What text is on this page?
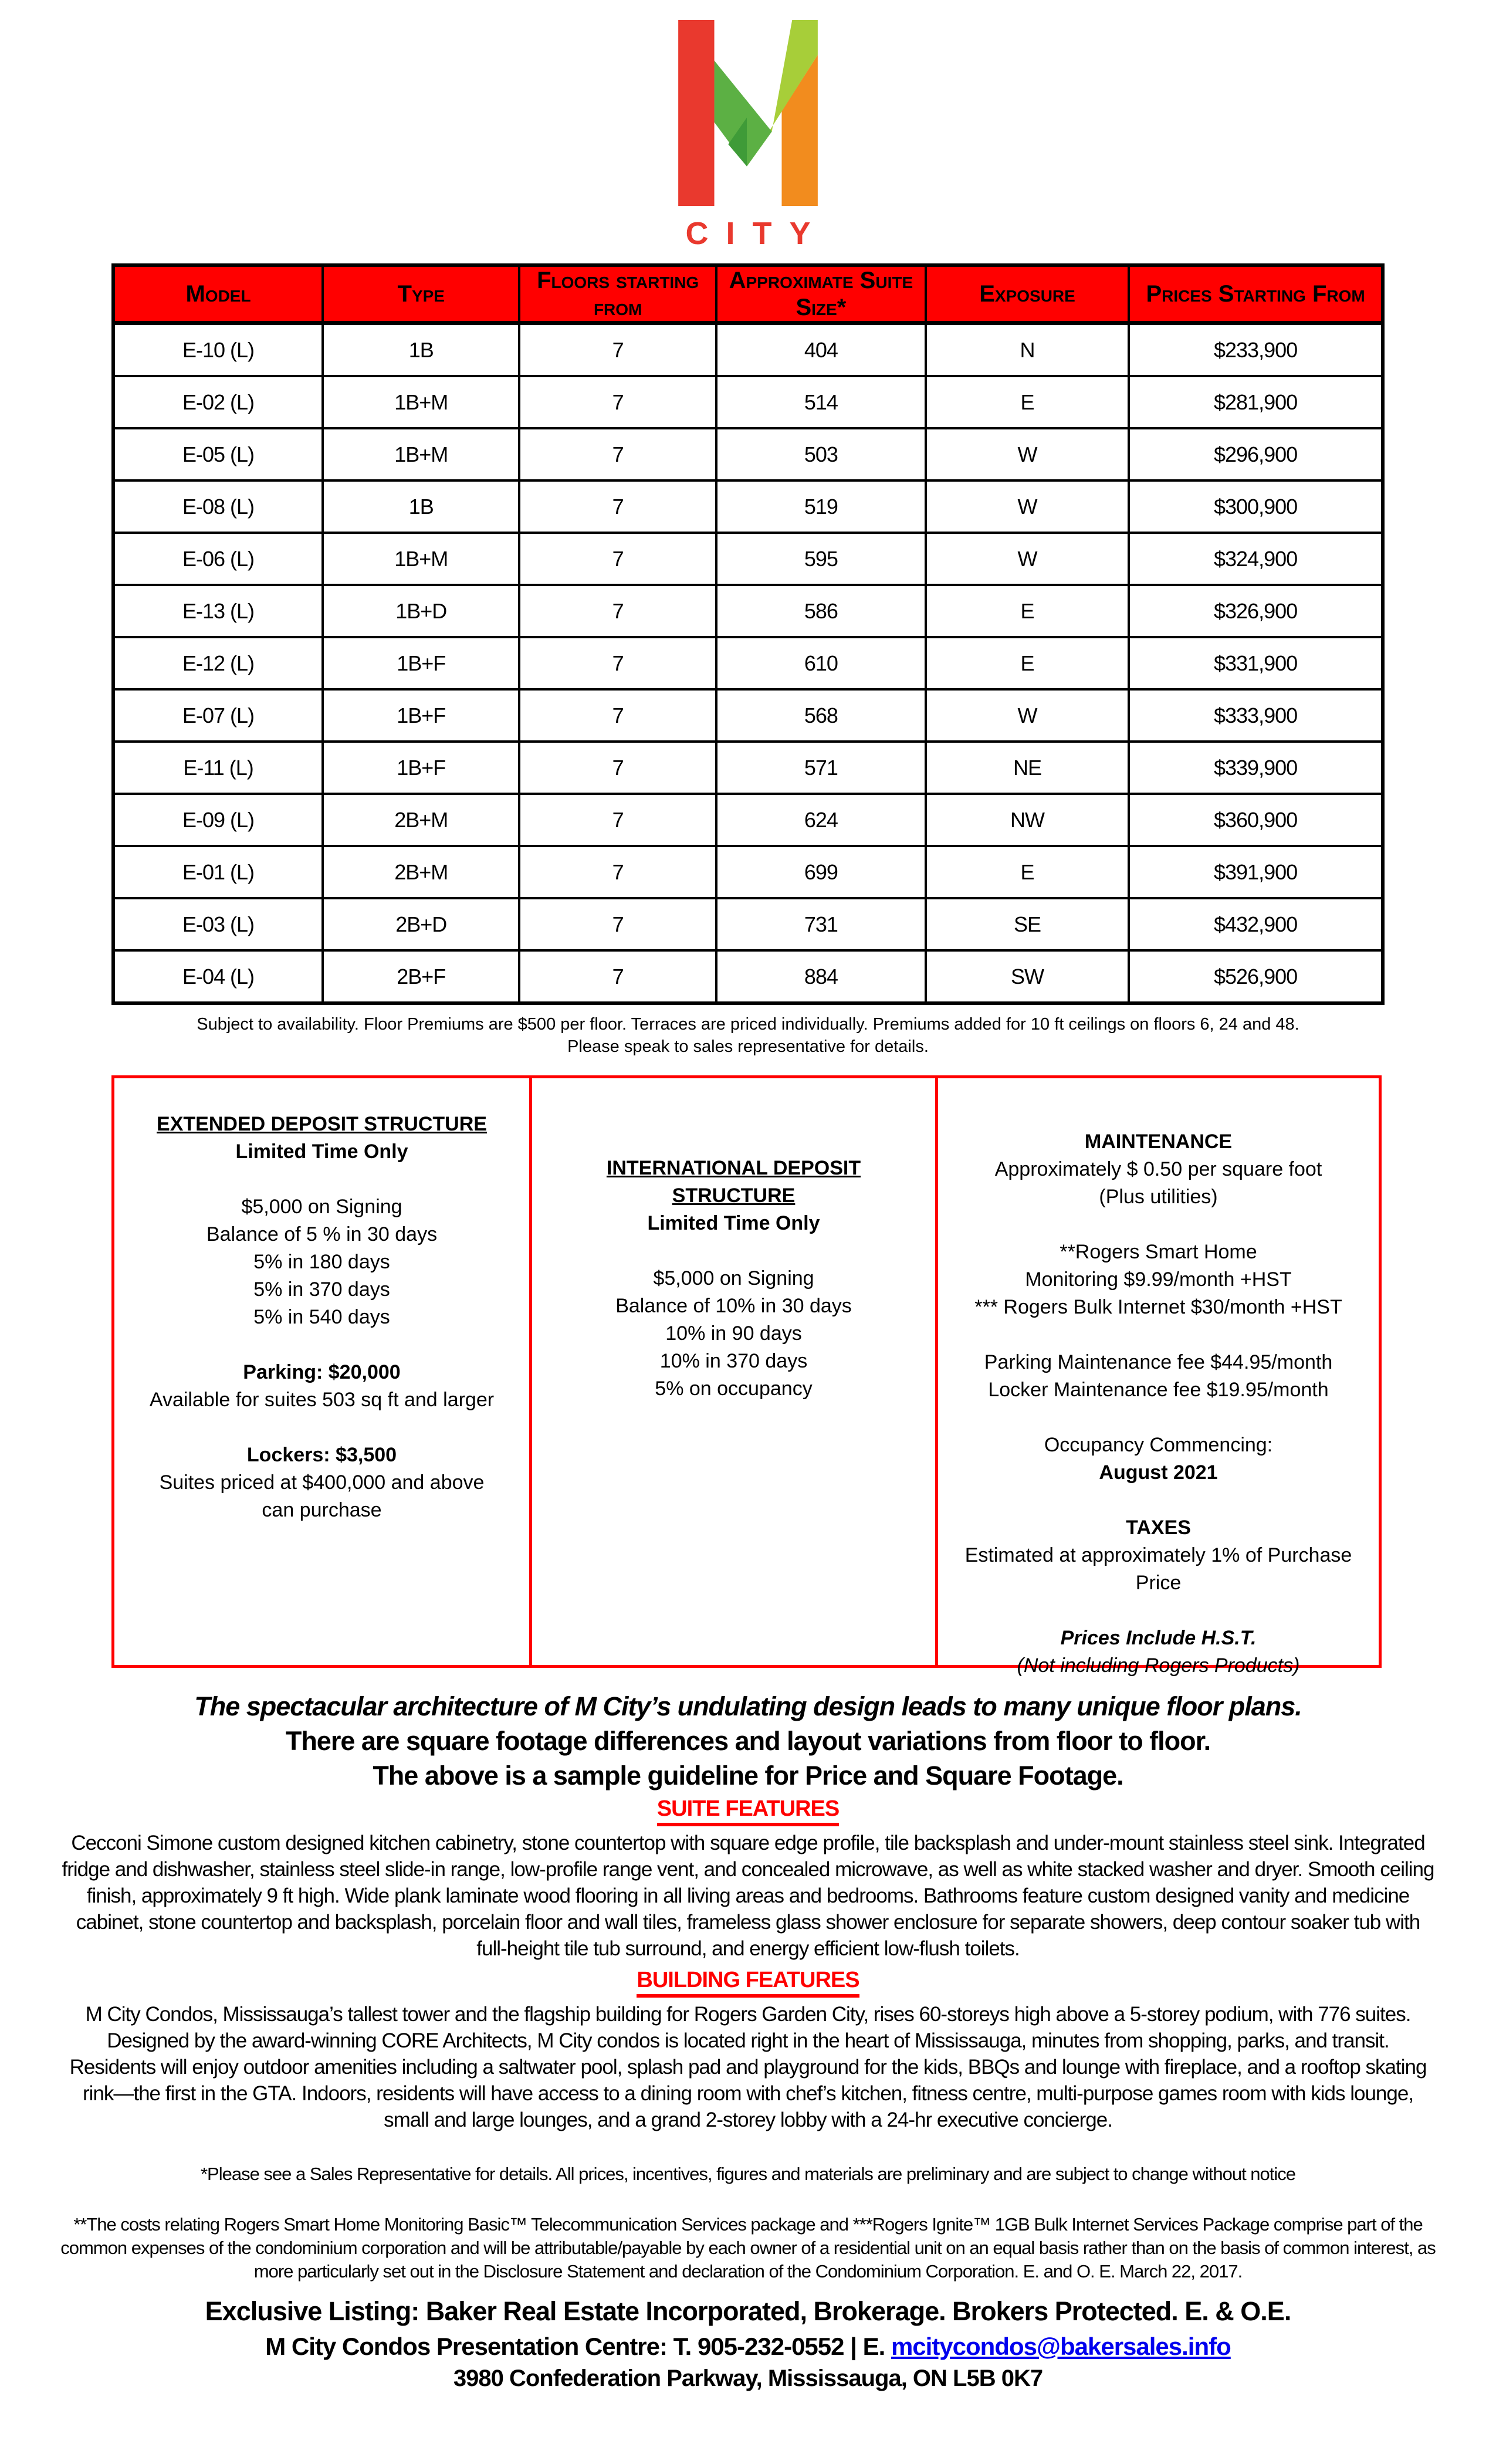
CITY
Model	Type	Floors starting from	Approximate Suite Size*	Exposure	Prices Starting From
E-10 (L)	1B	7	404	N	$233,900
E-02 (L)	1B+M	7	514	E	$281,900
E-05 (L)	1B+M	7	503	W	$296,900
E-08 (L)	1B	7	519	W	$300,900
E-06 (L)	1B+M	7	595	W	$324,900
E-13 (L)	1B+D	7	586	E	$326,900
E-12 (L)	1B+F	7	610	E	$331,900
E-07 (L)	1B+F	7	568	W	$333,900
E-11 (L)	1B+F	7	571	NE	$339,900
E-09 (L)	2B+M	7	624	NW	$360,900
E-01 (L)	2B+M	7	699	E	$391,900
E-03 (L)	2B+D	7	731	SE	$432,900
E-04 (L)	2B+F	7	884	SW	$526,900
Subject to availability. Floor Premiums are $500 per floor. Terraces are priced individually. Premiums added for 10 ft ceilings on floors 6, 24 and 48.
Please speak to sales representative for details.
EXTENDED DEPOSIT STRUCTURE
Limited Time Only
$5,000 on Signing
Balance of 5 % in 30 days
5% in 180 days
5% in 370 days
5% in 540 days
Parking: $20,000
Available for suites 503 sq ft and larger
Lockers: $3,500
Suites priced at $400,000 and above can purchase
INTERNATIONAL DEPOSIT STRUCTURE
Limited Time Only
$5,000 on Signing
Balance of 10% in 30 days
10% in 90 days
10% in 370 days
5% on occupancy
MAINTENANCE
Approximately $ 0.50 per square foot
(Plus utilities)
**Rogers Smart Home
Monitoring $9.99/month +HST
*** Rogers Bulk Internet $30/month +HST
Parking Maintenance fee $44.95/month
Locker Maintenance fee $19.95/month
Occupancy Commencing:
August 2021
TAXES
Estimated at approximately 1% of Purchase
Price
Prices Include H.S.T.
(Not including Rogers Products)
The spectacular architecture of M City’s undulating design leads to many unique floor plans.
There are square footage differences and layout variations from floor to floor.
The above is a sample guideline for Price and Square Footage.
SUITE FEATURES
Cecconi Simone custom designed kitchen cabinetry, stone countertop with square edge profile, tile backsplash and under-mount stainless steel sink. Integrated fridge and dishwasher, stainless steel slide-in range, low-profile range vent, and concealed microwave, as well as white stacked washer and dryer. Smooth ceiling finish, approximately 9 ft high. Wide plank laminate wood flooring in all living areas and bedrooms. Bathrooms feature custom designed vanity and medicine cabinet, stone countertop and backsplash, porcelain floor and wall tiles, frameless glass shower enclosure for separate showers, deep contour soaker tub with full-height tile tub surround, and energy efficient low-flush toilets.
BUILDING FEATURES
M City Condos, Mississauga’s tallest tower and the flagship building for Rogers Garden City, rises 60-storeys high above a 5-storey podium, with 776 suites. Designed by the award-winning CORE Architects, M City condos is located right in the heart of Mississauga, minutes from shopping, parks, and transit. Residents will enjoy outdoor amenities including a saltwater pool, splash pad and playground for the kids, BBQs and lounge with fireplace, and a rooftop skating rink—the first in the GTA. Indoors, residents will have access to a dining room with chef’s kitchen, fitness centre, multi-purpose games room with kids lounge, small and large lounges, and a grand 2-storey lobby with a 24-hr executive concierge.
*Please see a Sales Representative for details. All prices, incentives, figures and materials are preliminary and are subject to change without notice
**The costs relating Rogers Smart Home Monitoring Basic™ Telecommunication Services package and ***Rogers Ignite™ 1GB Bulk Internet Services Package comprise part of the common expenses of the condominium corporation and will be attributable/payable by each owner of a residential unit on an equal basis rather than on the basis of common interest, as more particularly set out in the Disclosure Statement and declaration of the Condominium Corporation. E. and O. E. March 22, 2017.
Exclusive Listing: Baker Real Estate Incorporated, Brokerage. Brokers Protected. E. & O.E.
M City Condos Presentation Centre: T. 905-232-0552 | E. mcitycondos@bakersales.info
3980 Confederation Parkway, Mississauga, ON L5B 0K7
